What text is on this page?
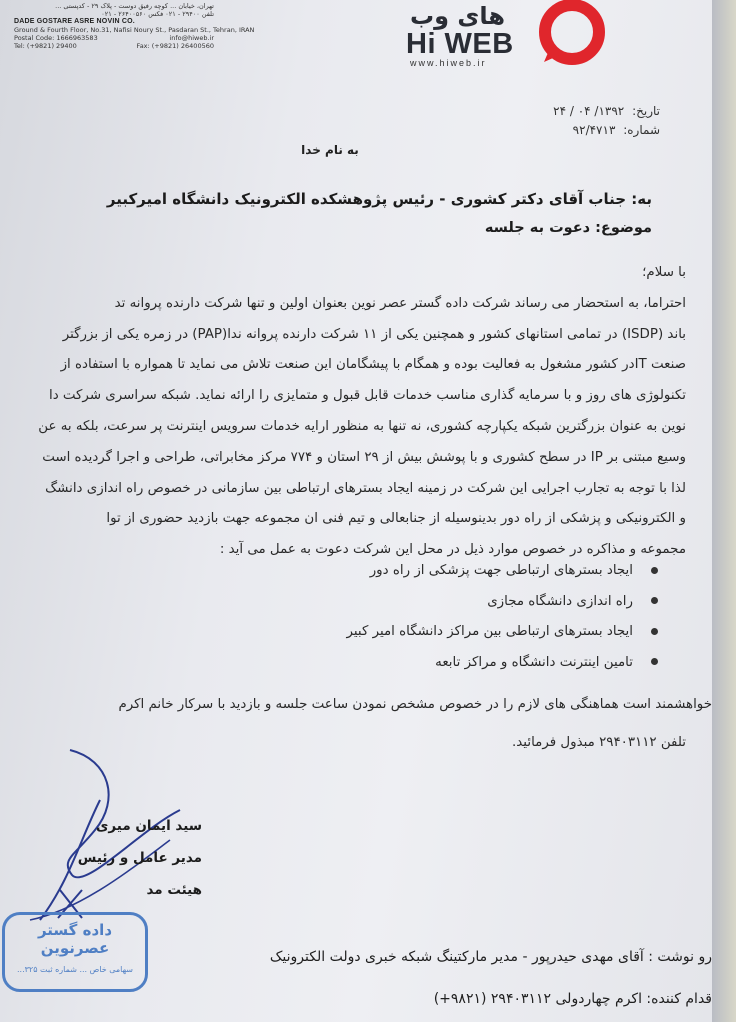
تهران، خیابان ... کوچه رفیق دوست - پلاک ۲۹ - کدپستی ...
تلفن ۲۹۴۰۰ - ۰۲۱ فکس ۲۶۴۰۰۵۶۰ - ۰۲۱
DADE GOSTARE ASRE NOVIN CO.
Ground & Fourth Floor, No.31, Nafisi Noury St., Pasdaran St., Tehran, IRAN
Postal Code: 1666963583	info@hiweb.ir
Tel: (+9821) 29400	Fax: (+9821) 26400560
های وب
Hi WEB
www.hiweb.ir
تاریخ: ۱۳۹۲/ ۰۴ / ۲۴
شماره: ۹۲/۴۷۱۳
به نام خدا
به: جناب آقای دکتر کشوری - رئیس پژوهشکده الکترونیک دانشگاه امیرکبیر
موضوع: دعوت به جلسه
با سلام؛
احتراما، به استحضار می رساند شرکت داده گستر عصر نوین بعنوان اولین و تنها شرکت دارنده پروانه تد
باند (ISDP) در تمامی استانهای کشور و همچنین یکی از ۱۱ شرکت دارنده پروانه ندا(PAP) در زمره یکی از بزرگتر
صنعت ITدر کشور مشغول به فعالیت بوده و همگام با پیشگامان این صنعت تلاش می نماید تا همواره با استفاده از
تکنولوژی های روز و با سرمایه گذاری مناسب خدمات قابل قبول و متمایزی را ارائه نماید. شبکه سراسری شرکت دا
نوین به عنوان بزرگترین شبکه یکپارچه کشوری، نه تنها به منظور ارایه خدمات سرویس اینترنت پر سرعت، بلکه به عن
وسیع مبتنی بر IP در سطح کشوری و با پوشش بیش از ۲۹ استان و ۷۷۴ مرکز مخابراتی، طراحی و اجرا گردیده است
لذا با توجه به تجارب اجرایی این شرکت در زمینه ایجاد بسترهای ارتباطی بین سازمانی در خصوص راه اندازی دانشگ
و الکترونیکی و پزشکی از راه دور بدینوسیله از جنابعالی و تیم فنی ان مجموعه جهت بازدید حضوری از توا
مجموعه و مذاکره در خصوص موارد ذیل در محل این شرکت دعوت به عمل می آید :
ایجاد بسترهای ارتباطی جهت پزشکی از راه دور
راه اندازی دانشگاه مجازی
ایجاد بسترهای ارتباطی بین مراکز دانشگاه امیر کبیر
تامین اینترنت دانشگاه و مراکز تابعه
خواهشمند است هماهنگی های لازم را در خصوص مشخص نمودن ساعت جلسه و بازدید با سرکار خانم اکرم
تلفن ۲۹۴۰۳۱۱۲ مبذول فرمائید.
سید ایمان میری
مدیر عامل و رئیس هیئت مد
داده گستر عصرنوین
سهامی خاص ... شماره ثبت ۳۲۵...
رو نوشت : آقای مهدی حیدرپور - مدیر مارکتینگ شبکه خبری دولت الکترونیک
قدام کننده: اکرم چهاردولی ۲۹۴۰۳۱۱۲ (۹۸۲۱+)
